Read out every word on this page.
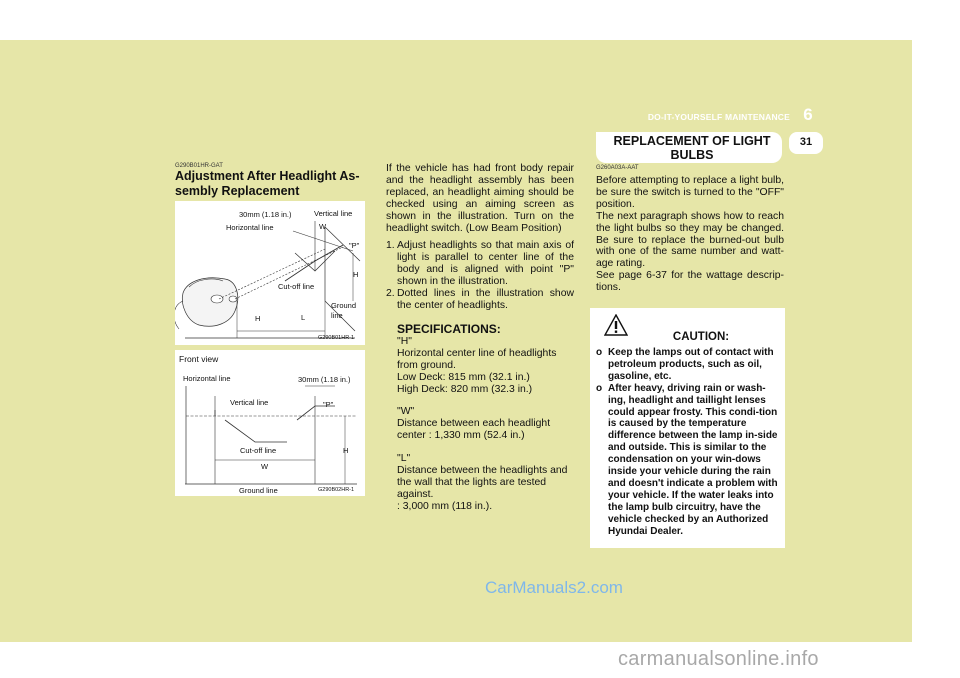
DO-IT-YOURSELF MAINTENANCE 6
31
REPLACEMENT OF LIGHT BULBS
G290B01HR-GAT
Adjustment After Headlight As-sembly Replacement
30mm (1.18 in.)	Vertical line
Horizontal line	W
"P"
H
Cut-off line
Ground line
H	L
G290B01HR-1
Front view
Horizontal line	30mm (1.18 in.)
Vertical line	"P"
Cut-off line	H
W
Ground line	G290B02HR-1
If the vehicle has had front body repair and the headlight assembly has been replaced, an headlight aiming should be checked using an aiming screen as shown in the illustration. Turn on the headlight switch. (Low Beam Position)
1. Adjust headlights so that main axis of light is parallel to center line of the body and is aligned with point "P" shown in the illustration.
2. Dotted lines in the illustration show the center of headlights.
SPECIFICATIONS:
"H"
Horizontal center line of headlights from ground.
Low Deck: 815 mm (32.1 in.)
High Deck: 820 mm (32.3 in.)
"W"
Distance between each headlight center : 1,330 mm (52.4 in.)
"L"
Distance between the headlights and the wall that the lights are tested against.
: 3,000 mm (118 in.).
G260A03A-AAT
Before attempting to replace a light bulb, be sure the switch is turned to the "OFF" position.
The next paragraph shows how to reach the light bulbs so they may be changed. Be sure to replace the burned-out bulb with one of the same number and watt-age rating.
See page 6-37 for the wattage descrip-tions.
CAUTION:
o Keep the lamps out of contact with petroleum products, such as oil, gasoline, etc.
o After heavy, driving rain or wash-ing, headlight and taillight lenses could appear frosty. This condi-tion is caused by the temperature difference between the lamp in-side and outside. This is similar to the condensation on your win-dows inside your vehicle during the rain and doesn't indicate a problem with your vehicle. If the water leaks into the lamp bulb circuitry, have the vehicle checked by an Authorized Hyundai Dealer.
CarManuals2.com
carmanualsonline.info
